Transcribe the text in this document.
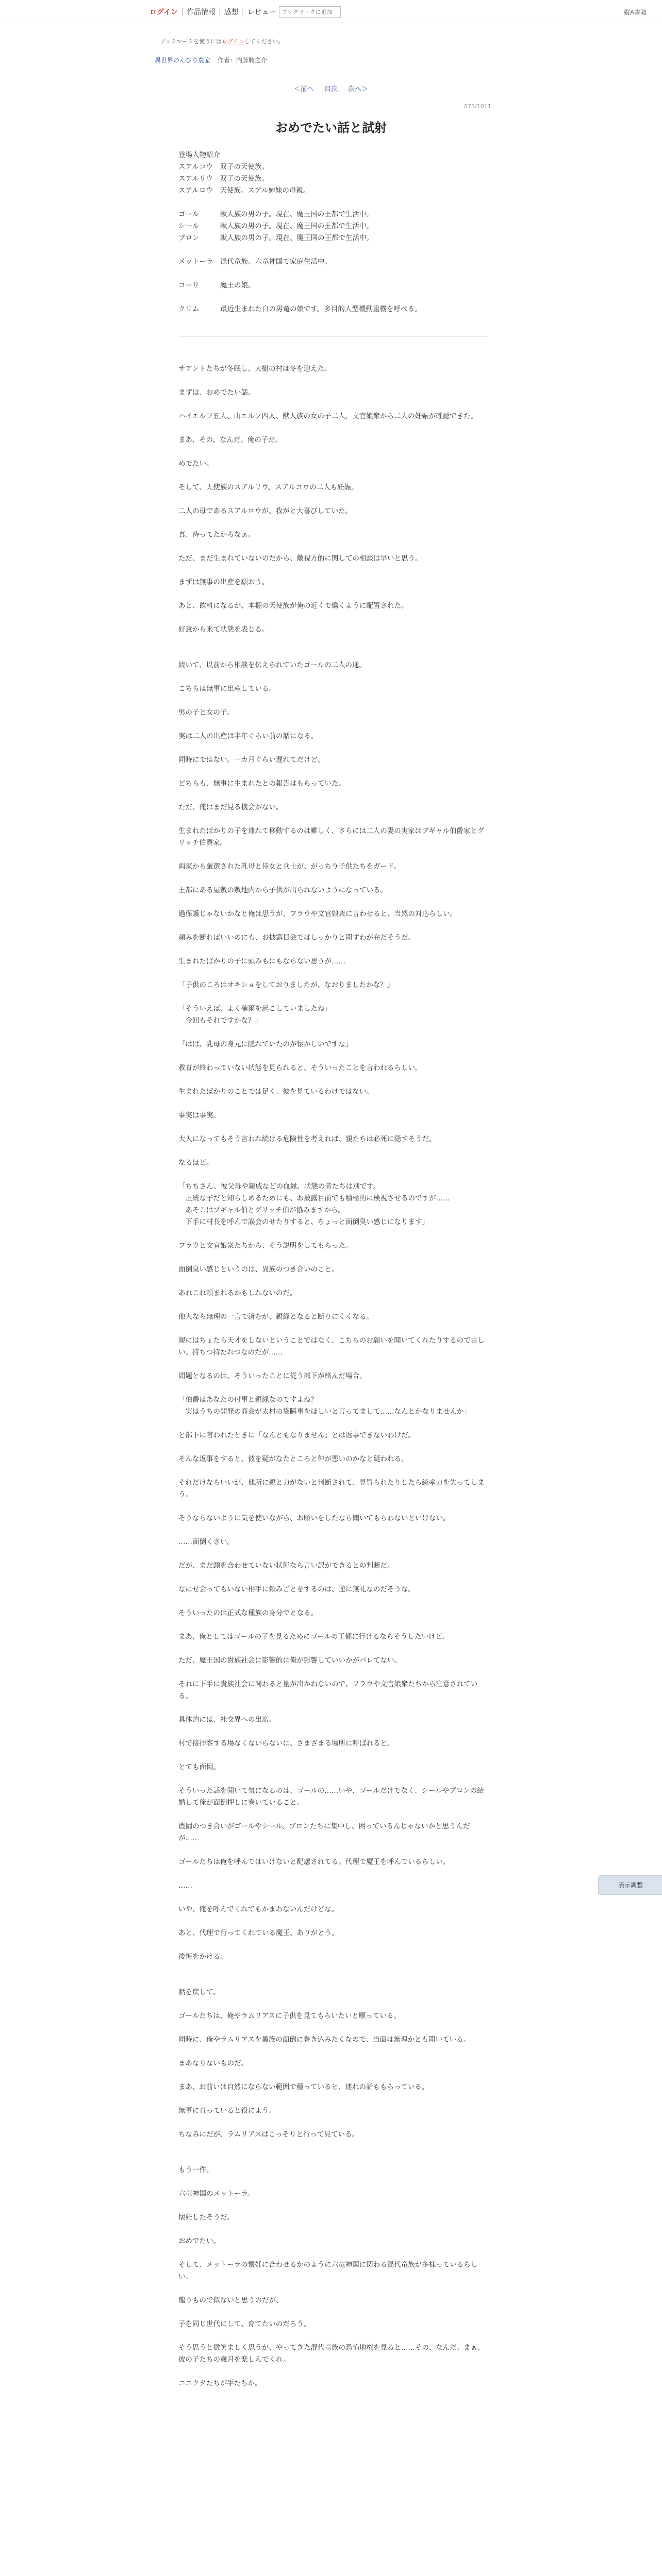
ログイン | 作品情報 | 感想 | レビュー
ブックマークに追加	縦A書籍
ブックマークを使うにはログインしてください。
異世界のんびり農家 作者：内藤騎之介
＜前へ 目次 次へ＞
873/1011
おめでたい話と試射

登場人物紹介

スアルコウ　双子の天使族。

スアルリウ　双子の天使族。

スアルロウ　天使族。スアル姉妹の母親。

ゴール　　　獣人族の男の子。現在、魔王国の王都で生活中。

シール　　　獣人族の男の子。現在、魔王国の王都で生活中。

ブロン　　　獣人族の男の子。現在、魔王国の王都で生活中。

メットーラ　混代竜族。六竜神国で家庭生活中。

コーリ　　　魔王の娘。

クリム　　　最近生まれた白の男竜の娘です。多目的人型機動重機を呼べる。

サアントたちが冬眠し、大樹の村は冬を迎えた。

まずは、おめでたい話。

ハイエルフ五人、山エルフ四人、獣人族の女の子二人、文官娘衆から二人の妊娠が確認できた。

まあ、その、なんだ。俺の子だ。

めでたい。

そして、天使族のスアルリウ、スアルコウの二人も妊娠。

二人の母であるスアルロウが、我がと大喜びしていた。

真、待ってたからなぁ。

ただ、まだ生まれていないのだから、敵視方的に関しての相談は早いと思う。

まずは無事の出産を願おう。

あと、飲料になるが、本棚の天使族が俺の近くで働くように配置された。

好意から来て状態を表じる。

続いて、以前から相談を伝えられていたゴールの二人の通。

こちらは無事に出産している。

男の子と女の子。

実は二人の出産は半年ぐらい前の話になる。

同時にではない。一カ月ぐらい遅れてだけど。

どちらも、無事に生まれたとの報告はもらっていた。

ただ、俺はまだ見る機会がない。

生まれたばかりの子を連れて移動するのは難しく、さらには二人の妻の実家はブギャル伯爵家とグリッチ伯爵家。

両家から厳選された乳母と侍女と兵士が、がっちり子供たちをガード。

王都にある屋敷の敷地内から子供が出られないようになっている。

過保護じゃないかなと俺は思うが、フラウや文官娘衆に言わせると、当然の対応らしい。

頼みを断ればいいのにも、お披露目会ではしっかりと聞すわが弁だそうだ。

生まれたばかりの子に頭みもにもならない思うが……

「子供のころはオキショをしておりましたが、なおりましたかな？」

「そういえば、よく確爾を起こしていましたね」
　今回もそれですかな？」

「はは、乳母の身元に隠れていたのが懐かしいですな」

教育が終わっていない状態を見られると、そういったことを言われるらしい。

生まれたばかりのことでは足く、彼を見ているわけではない。

事実は事実。

大人になってもそう言われ続ける危険性を考えれば、親たちは必死に隠すそうだ。

なるほど。

「ちちさん、彼父母や親戚などの血縁、状態の者たちは別です。
　正統な子だと知らしめるためにも、お披露目前でも積極的に検視させるのですが……
　あそこはブギャル伯とグリッチ伯が協みますから。
　下手に村長を呼んで誤会のせたりすると、ちょっと面倒臭い感じになります」

フラウと文官娘衆たちから、そう説明をしてもらった。

面倒臭い感じというのは、異族のつき合いのこと。

あれこれ頼まれるかもしれないのだ。

他人なら無理の一言で済むが、親縁となると断りにくくなる。

親にはちょたら天才をしないということではなく、こちらのお願いを聞いてくれたりするので古しい。持ちつ持たれつなのだが……

問題となるのは、そういったことに従う部下が絡んだ場合。

「伯爵はあなたの付事と親縁なのですよね？
　実はうちの開発の商会が太村の袋瞬事をほしいと言ってまして……なんとかなりませんか」

と部下に言われたときに「なんともなりません」とは返事できないわけだ。

そんな返事をすると、彼を疑がなたところと仲が悪いのかなと疑われる。

それだけならいいが、他所に親と力がないと判断されて、見冒られたりしたら統率力を失ってしまう。

そうならないように気を使いながら、お願いをしたなら聞いてもらわないといけない。

……面倒くさい。

だが、まだ頭を合わせていない状態なら言い訳ができるとの判断だ。

なにせ会ってもいない相手に頼みごとをするのは、逆に無礼なのだそうな。

そういったのは正式な種族の身分でとなる。

まあ、俺としてはゴールの子を見るためにゴールの王都に行けるならそうしたいけど。

ただ、魔王国の貴族社会に影響的に俺が影響していいかがバレてない。

それに下手に貴族社会に関わると量が出かねないので、フラウや文官娘衆たちから注意されている。

具体的には、社交界への出席。

村で接拝客する場なくないらないに、さまざまる場所に呼ばれると。

とても面倒。

そういった話を聞いて気になるのは、ゴールの……いや、ゴールだけでなく、シールやブロンの結婚して俺が面倒押しに巻いていること。

農園のつき合いがゴールやシール、ブロンたちに集中し、困っているんじゃないかと思うんだが……

ゴールたちは俺を呼んではいけないと配慮されてる。代理で魔王を呼んでいるらしい。

……

いや、俺を呼んでくれてもかまわないんだけどな。

あと、代理で行ってくれている魔王、ありがとう。

後悔をかける。

話を戻して。

ゴールたちは、俺やラムリアスに子供を見てもらいたいと願っている。

同時に、俺やラムリアスを異族の面倒に巻き込みたくなので、当面は無理かとも聞いている。

まあなりないものだ。

まあ、お前いは自然にならない範囲で種っていると、連れの話ももらっている。

無事に育っていると役によう。

ちなみにだが、ラムリアスはこっそりと行って見ている。

もう一件。

六竜神国のメットーラ。

懐妊したそうだ。

おめでたい。

そして、メットーラの懐妊に合わせるかのように六竜神国に関わる混代竜族が多様っているらしい。

龍うもので似ないと思うのだが、

子を同じ世代にして、育てたいのだろう。

そう思うと微笑ましく思うが、やってきた混代竜族の恐怖地権を見ると……その、なんだ。まぁ、彼の子たちの歳月を楽しんでくれ。

ニニクタたちが手たちか。

表示調整
